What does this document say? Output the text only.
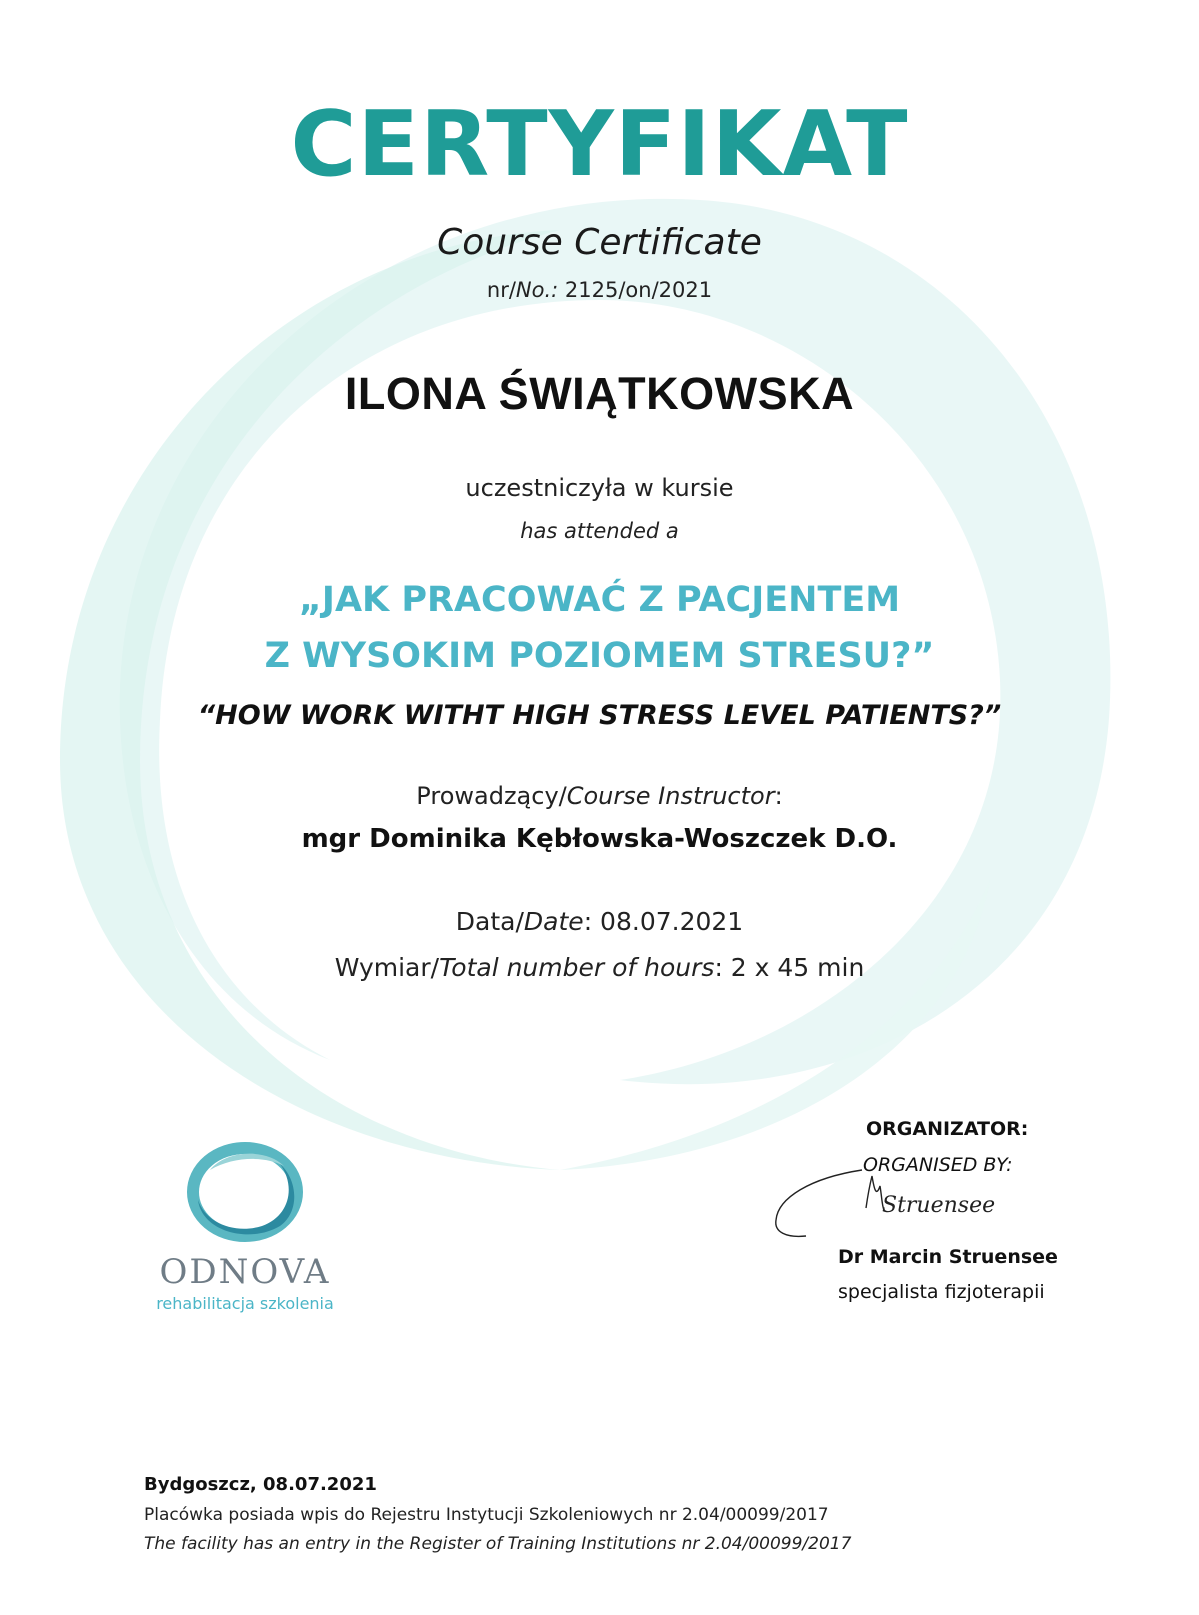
CERTYFIKAT
Course Certificate
nr/No.: 2125/on/2021
ILONA ŚWIĄTKOWSKA
uczestniczyła w kursie
has attended a
„JAK PRACOWAĆ Z PACJENTEM
Z WYSOKIM POZIOMEM STRESU?”
“HOW WORK WITHT HIGH STRESS LEVEL PATIENTS?”
Prowadzący/Course Instructor:
mgr Dominika Kębłowska-Woszczek D.O.
Data/Date: 08.07.2021
Wymiar/Total number of hours: 2 x 45 min
ODNOVA
rehabilitacja szkolenia
ORGANIZATOR:
ORGANISED BY:
Struensee
Dr Marcin Struensee
specjalista fizjoterapii
Bydgoszcz, 08.07.2021
Placówka posiada wpis do Rejestru Instytucji Szkoleniowych nr 2.04/00099/2017
The facility has an entry in the Register of Training Institutions nr 2.04/00099/2017
